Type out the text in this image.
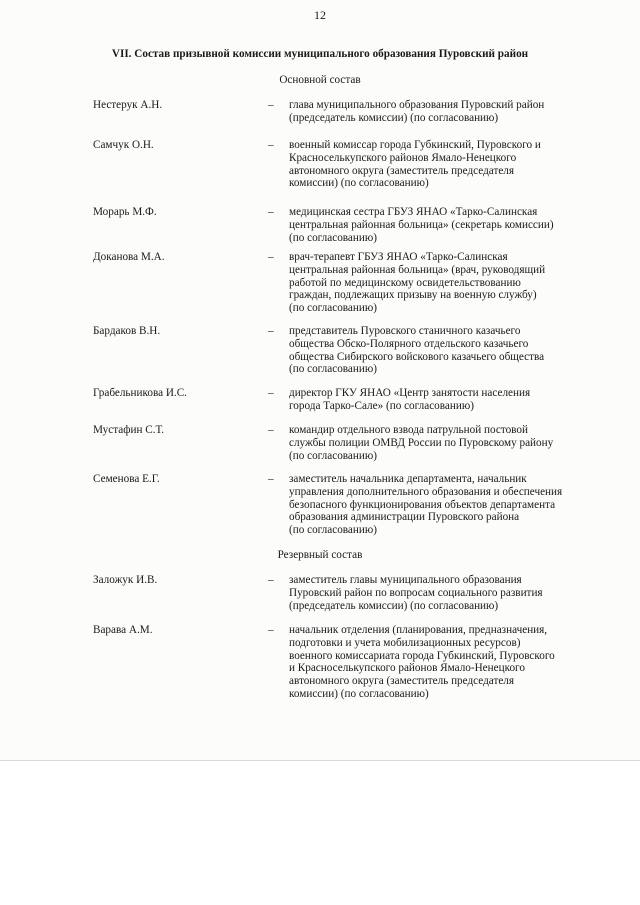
12
VII. Состав призывной комиссии муниципального образования Пуровский район
Основной состав
Нестерук А.Н.	– глава муниципального образования Пуровский район
(председатель комиссии) (по согласованию)
Самчук О.Н.	– военный комиссар города Губкинский, Пуровского и
Красноселькупского районов Ямало-Ненецкого
автономного округа (заместитель председателя
комиссии) (по согласованию)
Морарь М.Ф.	– медицинская сестра ГБУЗ ЯНАО «Тарко-Салинская
центральная районная больница» (секретарь комиссии)
(по согласованию)
Доканова М.А.	– врач-терапевт ГБУЗ ЯНАО «Тарко-Салинская
центральная районная больница» (врач, руководящий
работой по медицинскому освидетельствованию
граждан, подлежащих призыву на военную службу)
(по согласованию)
Бардаков В.Н.	– представитель Пуровского станичного казачьего
общества Обско-Полярного отдельского казачьего
общества Сибирского войскового казачьего общества
(по согласованию)
Грабельникова И.С.	– директор ГКУ ЯНАО «Центр занятости населения
города Тарко-Сале» (по согласованию)
Мустафин С.Т.	– командир отдельного взвода патрульной постовой
службы полиции ОМВД России по Пуровскому району
(по согласованию)
Семенова Е.Г.	– заместитель начальника департамента, начальник
управления дополнительного образования и обеспечения
безопасного функционирования объектов департамента
образования администрации Пуровского района
(по согласованию)
Резервный состав
Заложук И.В.	– заместитель главы муниципального образования
Пуровский район по вопросам социального развития
(председатель комиссии) (по согласованию)
Варава А.М.	– начальник отделения (планирования, предназначения,
подготовки и учета мобилизационных ресурсов)
военного комиссариата города Губкинский, Пуровского
и Красноселькупского районов Ямало-Ненецкого
автономного округа (заместитель председателя
комиссии) (по согласованию)
